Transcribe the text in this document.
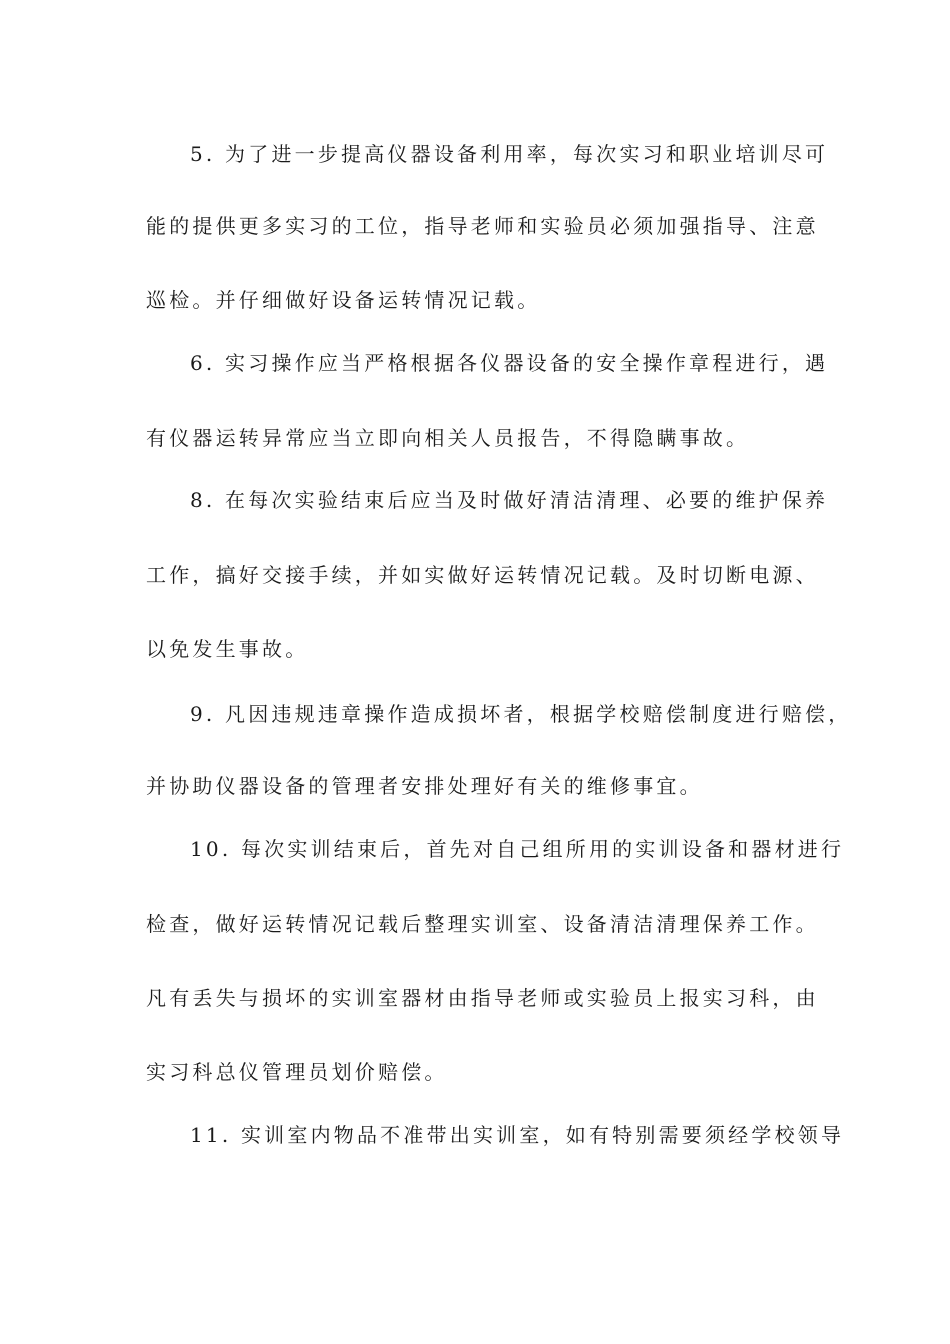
5. 为了进一步提高仪器设备利用率，每次实习和职业培训尽可
能的提供更多实习的工位，指导老师和实验员必须加强指导、注意
巡检。并仔细做好设备运转情况记载。
6. 实习操作应当严格根据各仪器设备的安全操作章程进行，遇
有仪器运转异常应当立即向相关人员报告，不得隐瞒事故。
8. 在每次实验结束后应当及时做好清洁清理、必要的维护保养
工作，搞好交接手续，并如实做好运转情况记载。及时切断电源、
以免发生事故。
9. 凡因违规违章操作造成损坏者，根据学校赔偿制度进行赔偿，
并协助仪器设备的管理者安排处理好有关的维修事宜。
10. 每次实训结束后，首先对自己组所用的实训设备和器材进行
检查，做好运转情况记载后整理实训室、设备清洁清理保养工作。
凡有丢失与损坏的实训室器材由指导老师或实验员上报实习科，由
实习科总仪管理员划价赔偿。
11. 实训室内物品不准带出实训室，如有特别需要须经学校领导
